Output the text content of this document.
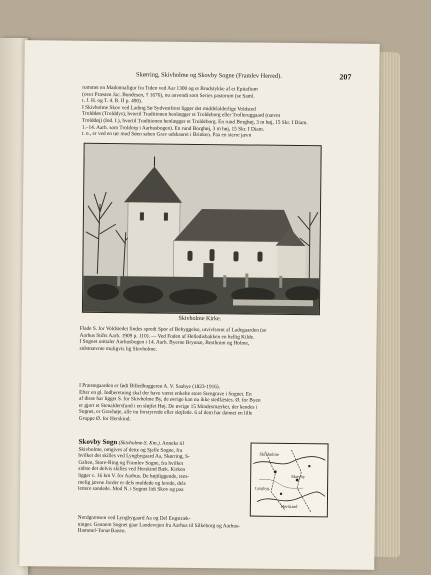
Skørring, Skivholme og Skovby Sogne (Framlev Herred).	207
rummet en Madonnafigur fra Tiden ved Aar 1300 og et Brudstykke af et Epitafium
(over Præsten Jac. Bondesen, † 1676), nu anvendt som Series pastorum (se Saml.
t. J. H. og T. 4. R. II p. 490).
I Skivholme Skov ved Lading Sø Sydvestfrest ligger det middelalderlige Voldsted
Trolddøs (Trolddys), hvortil Traditionen henlægger et Troldeborg eller Trolleruggaard (nævnt
Trolddøj) (Ind. I.), hvortil Traditionen henlægger et Troldeborg. En rund Borghøj, 3 m høj, 15 Skr. I Diam.
1.–14. Aarh. som Troldorp i Aarhusbogen). En rund Borghøj, 3 m høj, 15 Skr. I Diam.
t. o., er ved en tør mod Søen saben Grav udskaaret i Brinken. Paa en sterre jævn
Skivholme Kirke.
Flade S. for Voldstedet findes spredt Spor af Bebyggelse, utvivlsomt af Ladegaarden (se
Aarhus Stifts Aarb. 1909 p. 110). — Ved Foden af Helledisbakken en hellig Kilde.
I Sognet omtaler Aarhusbogen i 14. Aarh. Byerne Brynnæ, Besthoim og Holme,
sidstnævnte muligvis lig Skivholme.
I Præstegaarden er født Billedhuggeren A. V. Saabye (1823-1916).
Efter en gl. Indberetning skal der have været enkelte store Stengrave i Sognet. En
af disse har ligget S. for Skivholme By, de øvrige kan nu ikke stedfæstes. Ø. for Byen
er gjort et Stenaldersfund i en sløjfet Høj. De øvrige 15 Mindesmærker, der kendes i
Sognet, er Gravhøje, alle nu forstyrrede eller sløjfede. 6 af dem har dannet en lille
Gruppe Ø. for Herskind.
Skovby Sogn (Skivholme-S. Km.). Anneks til
Skivholme, omgives af dette og Sjelle Sogne, fra
hvilket det skilles ved Lyngbygaard Aa, Skørring, S-
Galten, Store-Ring og Framlev Sogne, fra hvilket
sidste det delvis skilles ved Herskind Bæk. Kirken
ligger c. 16 km V. for Aarhus. De højtliggende, tem-
melig jævne Jorder er dels muldede og lerede, dels
lettere sandede. Mod N. i Sognet lidt Skov og paa
Skivholme
Skovby
Herskind
Lyngbyg.
Nordgrænsen ved Lyngbygaard Aa og Del Engstræk-
ninger. Gennem Sognet gaar Landevejen fra Aarhus til Silkeborg og Aarhus-
Hammel-Torsø Banen.
